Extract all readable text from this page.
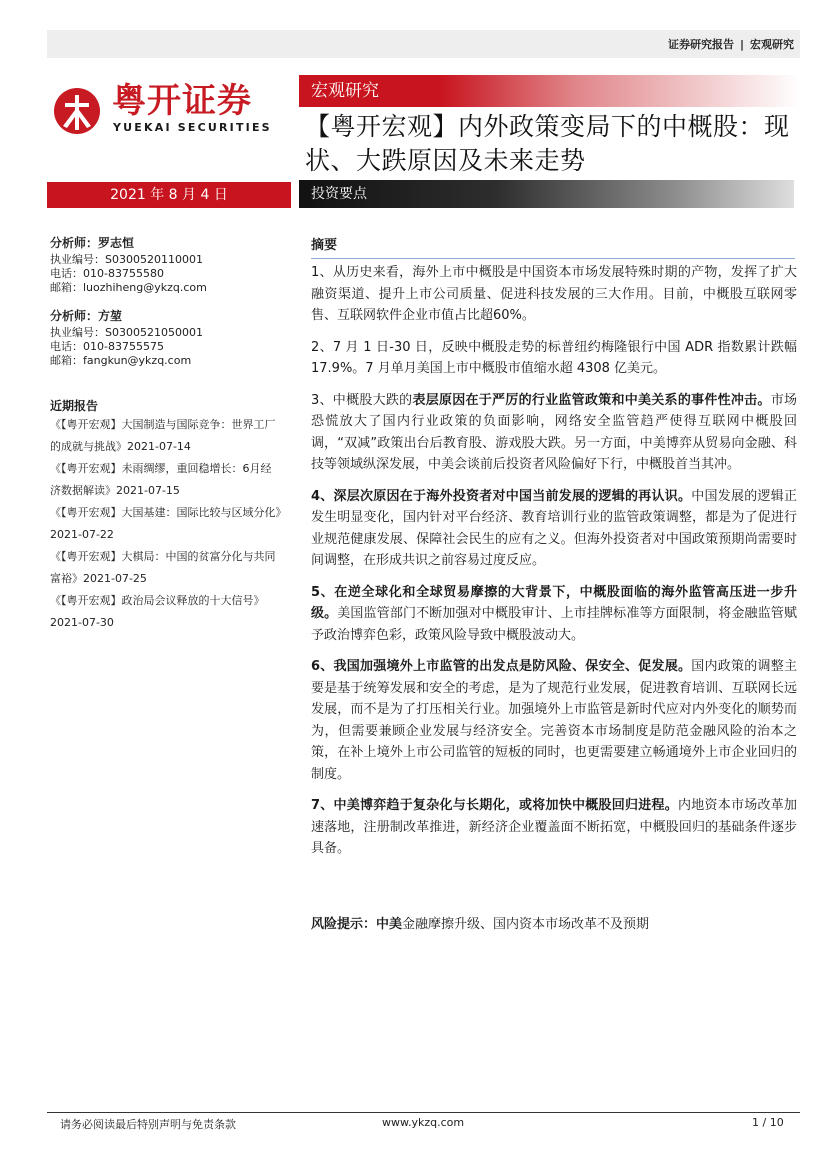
证券研究报告 | 宏观研究
粤开证券
YUEKAI SECURITIES
宏观研究
【粤开宏观】内外政策变局下的中概股：现状、大跌原因及未来走势
2021 年 8 月 4 日	投资要点
分析师：罗志恒
执业编号：S0300520110001
电话：010-83755580
邮箱：luozhiheng@ykzq.com
分析师：方堃
执业编号：S0300521050001
电话：010-83755575
邮箱：fangkun@ykzq.com
近期报告
《【粤开宏观】大国制造与国际竞争：世界工厂的成就与挑战》2021-07-14
《【粤开宏观】未雨绸缪，重回稳增长：6月经济数据解读》2021-07-15
《【粤开宏观】大国基建：国际比较与区域分化》2021-07-22
《【粤开宏观】大棋局：中国的贫富分化与共同富裕》2021-07-25
《【粤开宏观】政治局会议释放的十大信号》2021-07-30
摘要

1、从历史来看，海外上市中概股是中国资本市场发展特殊时期的产物，发挥了扩大融资渠道、提升上市公司质量、促进科技发展的三大作用。目前，中概股互联网零售、互联网软件企业市值占比超60%。

2、7 月 1 日-30 日，反映中概股走势的标普纽约梅隆银行中国 ADR 指数累计跌幅 17.9%。7 月单月美国上市中概股市值缩水超 4308 亿美元。

3、中概股大跌的表层原因在于严厉的行业监管政策和中美关系的事件性冲击。市场恐慌放大了国内行业政策的负面影响，网络安全监管趋严使得互联网中概股回调，“双减”政策出台后教育股、游戏股大跌。另一方面，中美博弈从贸易向金融、科技等领域纵深发展，中美会谈前后投资者风险偏好下行，中概股首当其冲。

4、深层次原因在于海外投资者对中国当前发展的逻辑的再认识。中国发展的逻辑正发生明显变化，国内针对平台经济、教育培训行业的监管政策调整，都是为了促进行业规范健康发展、保障社会民生的应有之义。但海外投资者对中国政策预期尚需要时间调整，在形成共识之前容易过度反应。

5、在逆全球化和全球贸易摩擦的大背景下，中概股面临的海外监管高压进一步升级。美国监管部门不断加强对中概股审计、上市挂牌标准等方面限制，将金融监管赋予政治博弈色彩，政策风险导致中概股波动大。

6、我国加强境外上市监管的出发点是防风险、保安全、促发展。国内政策的调整主要是基于统筹发展和安全的考虑，是为了规范行业发展，促进教育培训、互联网长远发展，而不是为了打压相关行业。加强境外上市监管是新时代应对内外变化的顺势而为，但需要兼顾企业发展与经济安全。完善资本市场制度是防范金融风险的治本之策，在补上境外上市公司监管的短板的同时，也更需要建立畅通境外上市企业回归的制度。

7、中美博弈趋于复杂化与长期化，或将加快中概股回归进程。内地资本市场改革加速落地，注册制改革推进，新经济企业覆盖面不断拓宽，中概股回归的基础条件逐步具备。

风险提示：中美金融摩擦升级、国内资本市场改革不及预期
请务必阅读最后特别声明与免责条款	www.ykzq.com	1 / 10
